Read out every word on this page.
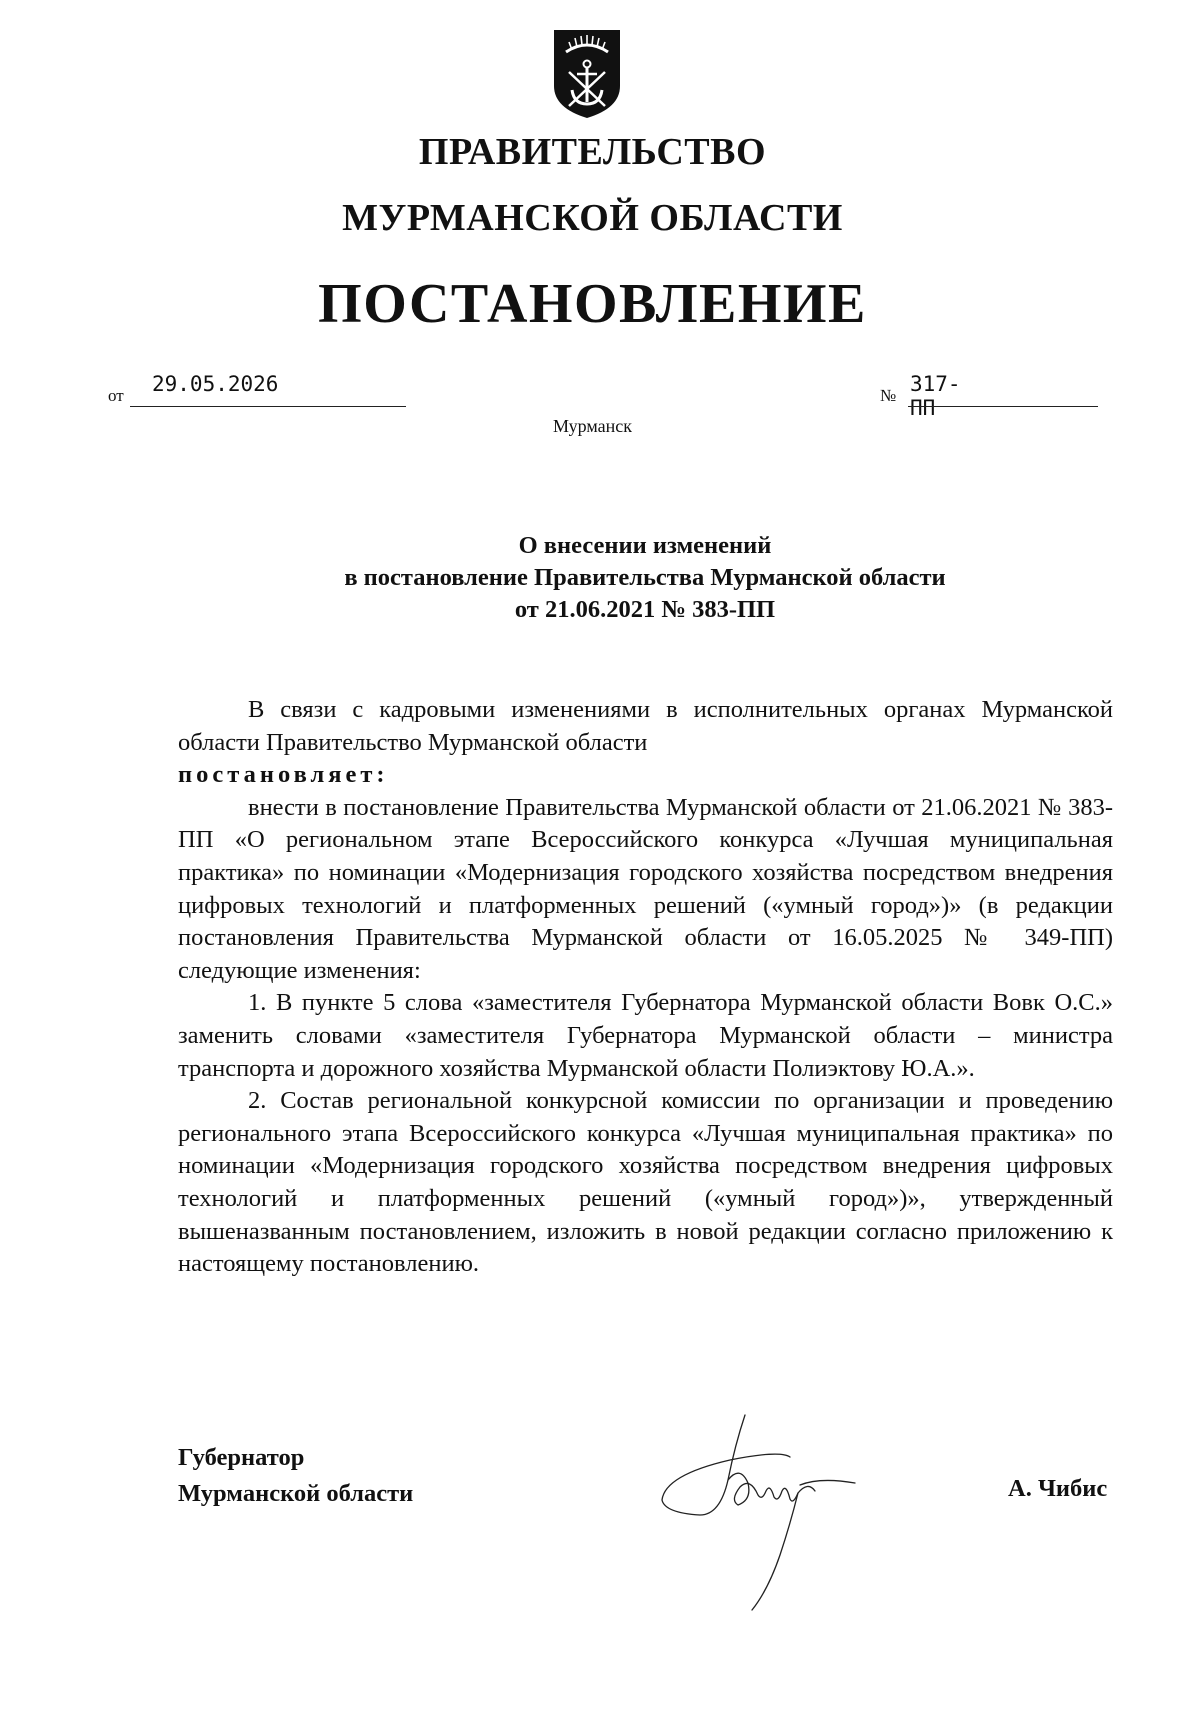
ПРАВИТЕЛЬСТВО
МУРМАНСКОЙ ОБЛАСТИ
ПОСТАНОВЛЕНИЕ
от 29.05.2026	№ 317-ПП
Мурманск
О внесении изменений
в постановление Правительства Мурманской области
от 21.06.2021 № 383-ПП

В связи с кадровыми изменениями в исполнительных органах Мурманской области Правительство Мурманской области

постановляет:

внести в постановление Правительства Мурманской области от 21.06.2021 № 383-ПП «О региональном этапе Всероссийского конкурса «Лучшая муниципальная практика» по номинации «Модернизация городского хозяйства посредством внедрения цифровых технологий и платформенных решений («умный город»)» (в редакции постановления Правительства Мурманской области от 16.05.2025 № 349-ПП) следующие изменения:

1. В пункте 5 слова «заместителя Губернатора Мурманской области Вовк О.С.» заменить словами «заместителя Губернатора Мурманской области – министра транспорта и дорожного хозяйства Мурманской области Полиэктову Ю.А.».

2. Состав региональной конкурсной комиссии по организации и проведению регионального этапа Всероссийского конкурса «Лучшая муниципальная практика» по номинации «Модернизация городского хозяйства посредством внедрения цифровых технологий и платформенных решений («умный город»)», утвержденный вышеназванным постановлением, изложить в новой редакции согласно приложению к настоящему постановлению.

Губернатор
Мурманской области	А. Чибис
